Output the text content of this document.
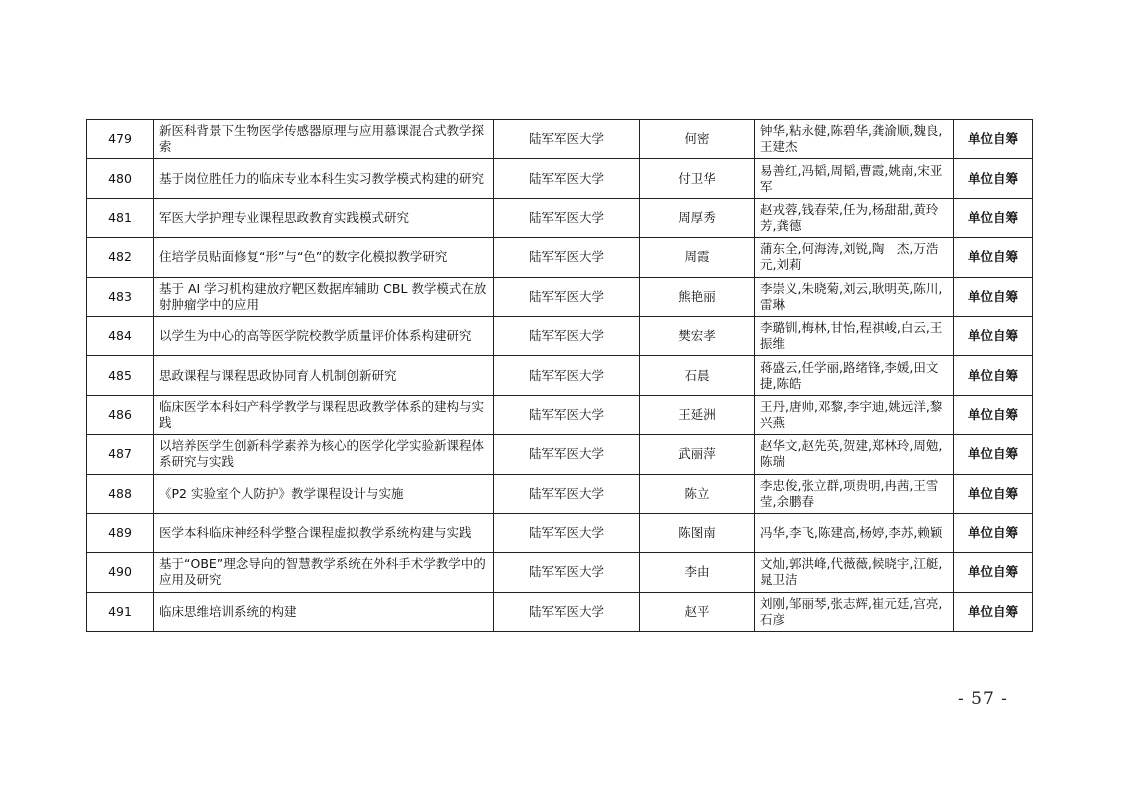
479	新医科背景下生物医学传感器原理与应用慕课混合式教学探索	陆军军医大学	何密	钟华,粘永健,陈碧华,龚渝顺,魏良,王建杰	单位自筹
480	基于岗位胜任力的临床专业本科生实习教学模式构建的研究	陆军军医大学	付卫华	易善红,冯韬,周韬,曹霞,姚南,宋亚军	单位自筹
481	军医大学护理专业课程思政教育实践模式研究	陆军军医大学	周厚秀	赵戎蓉,钱春荣,任为,杨甜甜,黄玲芳,龚德	单位自筹
482	住培学员贴面修复“形”与“色”的数字化模拟教学研究	陆军军医大学	周霞	蒲东全,何海涛,刘锐,陶　杰,万浩元,刘莉	单位自筹
483	基于 AI 学习机构建放疗靶区数据库辅助 CBL 教学模式在放射肿瘤学中的应用	陆军军医大学	熊艳丽	李崇义,朱晓菊,刘云,耿明英,陈川,雷琳	单位自筹
484	以学生为中心的高等医学院校教学质量评价体系构建研究	陆军军医大学	樊宏孝	李璐钏,梅林,甘怡,程祺峻,白云,王振维	单位自筹
485	思政课程与课程思政协同育人机制创新研究	陆军军医大学	石晨	蒋盛云,任学丽,路绪锋,李媛,田文捷,陈皓	单位自筹
486	临床医学本科妇产科学教学与课程思政教学体系的建构与实践	陆军军医大学	王延洲	王丹,唐帅,邓黎,李宇迪,姚远洋,黎兴燕	单位自筹
487	以培养医学生创新科学素养为核心的医学化学实验新课程体系研究与实践	陆军军医大学	武丽萍	赵华文,赵先英,贺建,郑林玲,周勉,陈瑞	单位自筹
488	《P2 实验室个人防护》教学课程设计与实施	陆军军医大学	陈立	李忠俊,张立群,项贵明,冉茜,王雪莹,余鹏春	单位自筹
489	医学本科临床神经科学整合课程虚拟教学系统构建与实践	陆军军医大学	陈图南	冯华,李飞,陈建高,杨婷,李苏,赖颖	单位自筹
490	基于“OBE”理念导向的智慧教学系统在外科手术学教学中的应用及研究	陆军军医大学	李由	文灿,郭洪峰,代薇薇,候晓宇,江艇,晁卫洁	单位自筹
491	临床思维培训系统的构建	陆军军医大学	赵平	刘刚,邹丽琴,张志辉,崔元廷,宫亮,石彦	单位自筹
- 57 -
